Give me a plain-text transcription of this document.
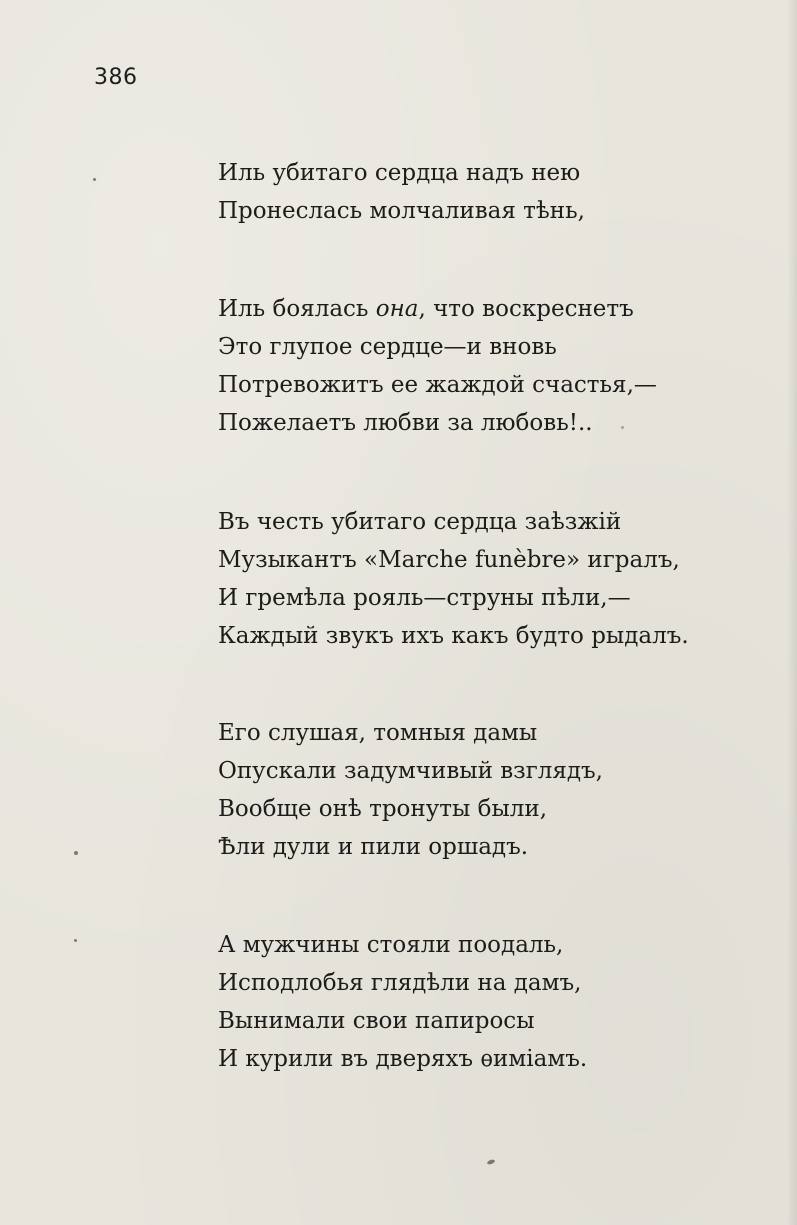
386
Иль убитаго сердца надъ нею
Пронеслась молчаливая тѣнь,
Иль боялась она, что воскреснетъ
Это глупое сердце—и вновь
Потревожитъ ее жаждой счастья,—
Пожелаетъ любви за любовь!..
Въ честь убитаго сердца заѣзжій
Музыкантъ «Marche funèbre» игралъ,
И гремѣла рояль—струны пѣли,—
Каждый звукъ ихъ какъ будто рыдалъ.
Его слушая, томныя дамы
Опускали задумчивый взглядъ,
Вообще онѣ тронуты были,
Ѣли дули и пили оршадъ.
А мужчины стояли поодаль,
Исподлобья глядѣли на дамъ,
Вынимали свои папиросы
И курили въ дверяхъ ѳиміамъ.
